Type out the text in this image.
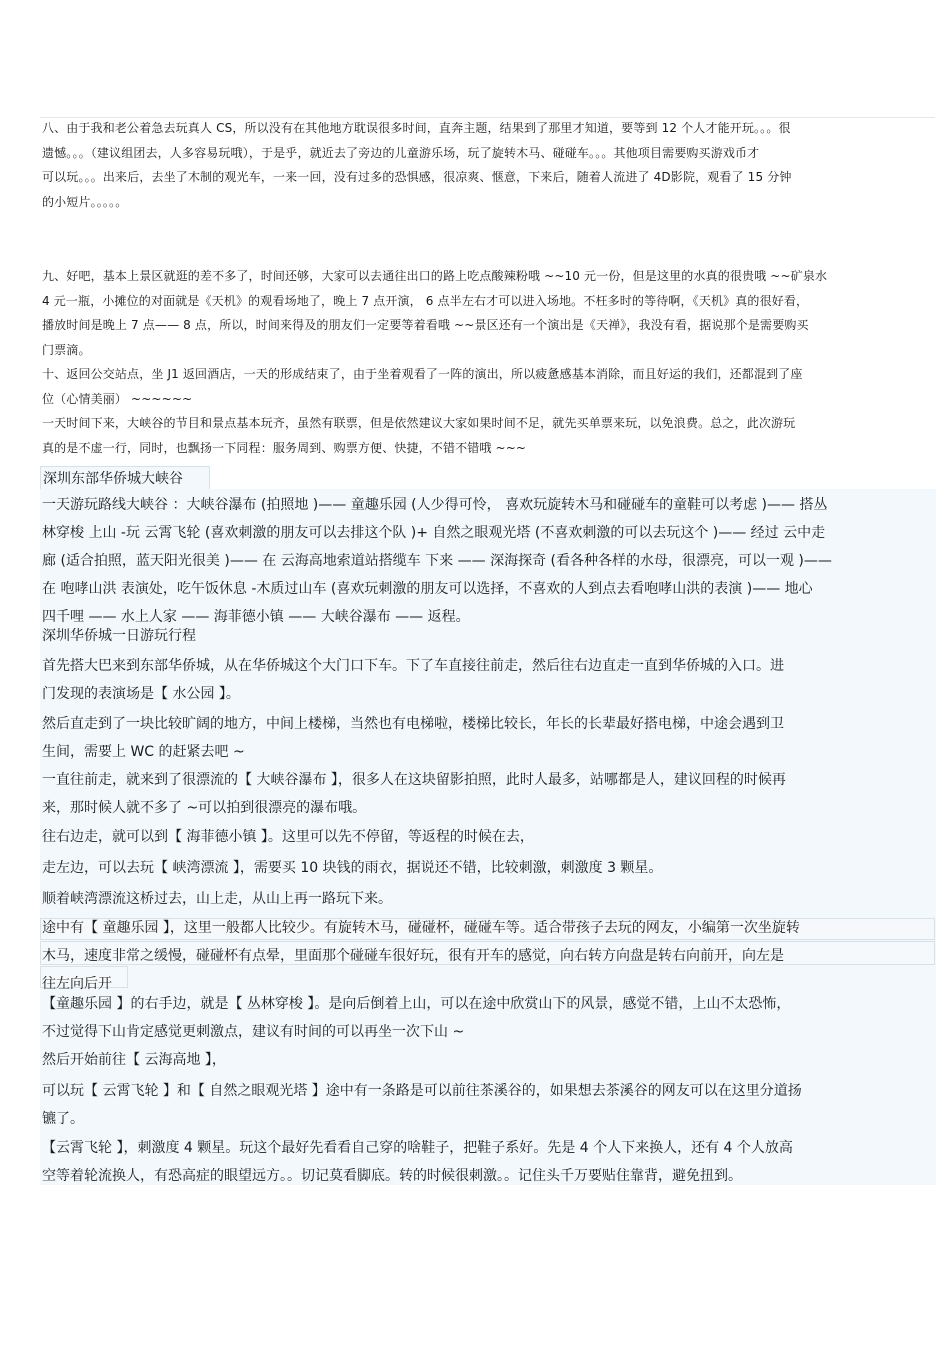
八、由于我和老公着急去玩真人 CS，所以没有在其他地方耽误很多时间，直奔主题，结果到了那里才知道，要等到 12 个人才能开玩。。。很

遗憾。。。（建议组团去，人多容易玩哦），于是乎，就近去了旁边的儿童游乐场，玩了旋转木马、碰碰车。。。其他项目需要购买游戏币才

可以玩。。。出来后，去坐了木制的观光车，一来一回，没有过多的恐惧感，很凉爽、惬意，下来后，随着人流进了 4D影院，观看了 15 分钟

的小短片。。。。。

九、好吧，基本上景区就逛的差不多了，时间还够，大家可以去通往出口的路上吃点酸辣粉哦 ~~10 元一份，但是这里的水真的很贵哦 ~~矿泉水

4 元一瓶，小摊位的对面就是《天机》的观看场地了，晚上 7 点开演， 6 点半左右才可以进入场地。不枉多时的等待啊，《天机》真的很好看，

播放时间是晚上 7 点—— 8 点，所以，时间来得及的朋友们一定要等着看哦 ~~景区还有一个演出是《天禅》，我没有看，据说那个是需要购买

门票滴。

十、返回公交站点，坐 J1 返回酒店，一天的形成结束了，由于坐着观看了一阵的演出，所以疲惫感基本消除，而且好运的我们，还都混到了座

位（心情美丽） ~~~~~~

一天时间下来，大峡谷的节目和景点基本玩齐，虽然有联票，但是依然建议大家如果时间不足，就先买单票来玩，以免浪费。总之，此次游玩

真的是不虚一行，同时，也飘扬一下同程：服务周到、购票方便、快捷，不错不错哦 ~~~

深圳东部华侨城大峡谷

一天游玩路线大峡谷 ：大峡谷瀑布 (拍照地 )—— 童趣乐园 (人少得可怜， 喜欢玩旋转木马和碰碰车的童鞋可以考虑 )—— 搭丛

林穿梭 上山 -玩 云霄飞轮 (喜欢刺激的朋友可以去排这个队 )+ 自然之眼观光塔 (不喜欢刺激的可以去玩这个 )—— 经过 云中走

廊 (适合拍照，蓝天阳光很美 )—— 在 云海高地索道站搭缆车 下来 —— 深海探奇 (看各种各样的水母，很漂亮，可以一观 )——

在 咆哮山洪 表演处，吃午饭休息 -木质过山车 (喜欢玩刺激的朋友可以选择，不喜欢的人到点去看咆哮山洪的表演 )—— 地心

四千哩 —— 水上人家 —— 海菲德小镇 —— 大峡谷瀑布 —— 返程。

深圳华侨城一日游玩行程

首先搭大巴来到东部华侨城，从在华侨城这个大门口下车。下了车直接往前走，然后往右边直走一直到华侨城的入口。进

门发现的表演场是【 水公园 】。

然后直走到了一块比较旷阔的地方，中间上楼梯，当然也有电梯啦，楼梯比较长，年长的长辈最好搭电梯，中途会遇到卫

生间，需要上 WC 的赶紧去吧 ~

一直往前走，就来到了很漂流的【 大峡谷瀑布 】，很多人在这块留影拍照，此时人最多，站哪都是人，建议回程的时候再

来，那时候人就不多了 ~可以拍到很漂亮的瀑布哦。

往右边走，就可以到【 海菲德小镇 】。这里可以先不停留，等返程的时候在去，

走左边，可以去玩【 峡湾漂流 】，需要买 10 块钱的雨衣，据说还不错，比较刺激，刺激度 3 颗星。

顺着峡湾漂流这桥过去，山上走，从山上再一路玩下来。

途中有【 童趣乐园 】，这里一般都人比较少。有旋转木马，碰碰杯，碰碰车等。适合带孩子去玩的网友，小编第一次坐旋转

木马，速度非常之缓慢，碰碰杯有点晕，里面那个碰碰车很好玩，很有开车的感觉，向右转方向盘是转右向前开，向左是

往左向后开

【童趣乐园 】的右手边，就是【 丛林穿梭 】。是向后倒着上山，可以在途中欣赏山下的风景，感觉不错，上山不太恐怖，

不过觉得下山肯定感觉更刺激点，建议有时间的可以再坐一次下山 ~

然后开始前往【 云海高地 】，

可以玩【 云霄飞轮 】和【 自然之眼观光塔 】途中有一条路是可以前往茶溪谷的，如果想去茶溪谷的网友可以在这里分道扬

镳了。

【云霄飞轮 】，刺激度 4 颗星。玩这个最好先看看自己穿的啥鞋子，把鞋子系好。先是 4 个人下来换人，还有 4 个人放高

空等着轮流换人，有恐高症的眼望远方。。切记莫看脚底。转的时候很刺激。。记住头千万要贴住靠背，避免扭到。
